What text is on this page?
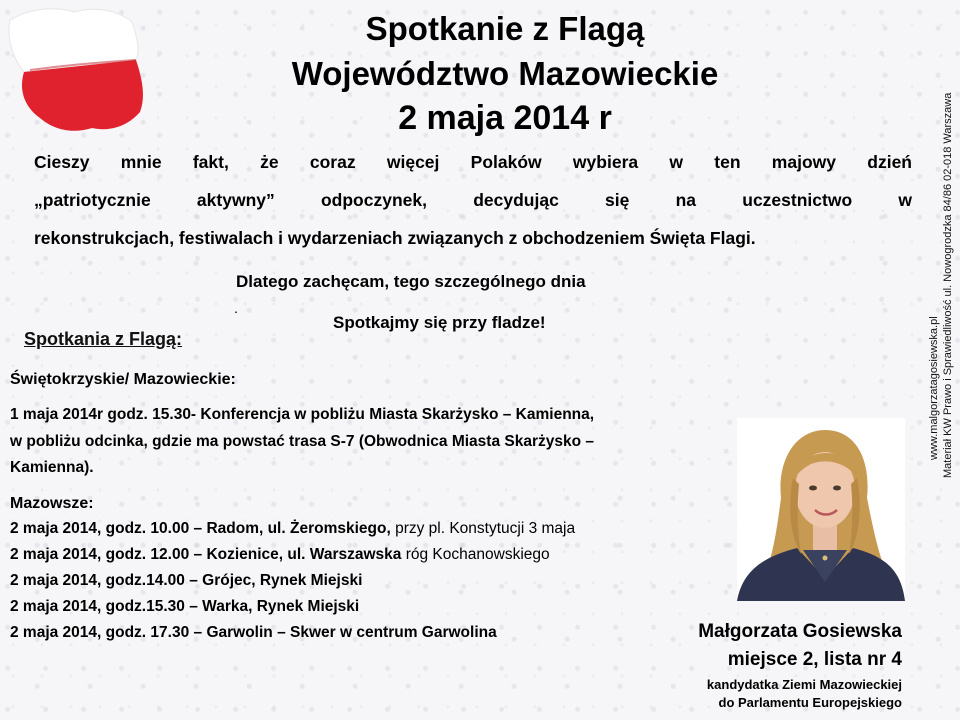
Spotkanie z Flagą
Województwo Mazowieckie
2 maja 2014 r
Cieszy mnie fakt, że coraz więcej Polaków wybiera w ten majowy dzień
„patriotycznie aktywny” odpoczynek, decydując się na uczestnictwo w
rekonstrukcjach, festiwalach i wydarzeniach związanych z obchodzeniem Święta Flagi.
Dlatego zachęcam, tego szczególnego dnia
.
Spotkajmy się przy fladze!
Spotkania z Flagą:
Świętokrzyskie/ Mazowieckie:
1 maja 2014r godz. 15.30- Konferencja w pobliżu Miasta Skarżysko – Kamienna,
w pobliżu odcinka, gdzie ma powstać trasa S-7 (Obwodnica Miasta Skarżysko –
Kamienna).
Mazowsze:
2 maja 2014, godz. 10.00 – Radom, ul. Żeromskiego, przy pl. Konstytucji 3 maja
2 maja 2014, godz. 12.00 – Kozienice, ul. Warszawska róg Kochanowskiego
2 maja 2014, godz.14.00 – Grójec, Rynek Miejski
2 maja 2014, godz.15.30 – Warka, Rynek Miejski
2 maja 2014, godz. 17.30 – Garwolin – Skwer w centrum Garwolina	Małgorzata Gosiewska
miejsce 2, lista nr 4
kandydatka Ziemi Mazowieckiej
do Parlamentu Europejskiego
www.malgorzatagosiewska.pl Materiał KW Prawo i Sprawiedliwość ul. Nowogrodzka 84/86 02-018 Warszawa
